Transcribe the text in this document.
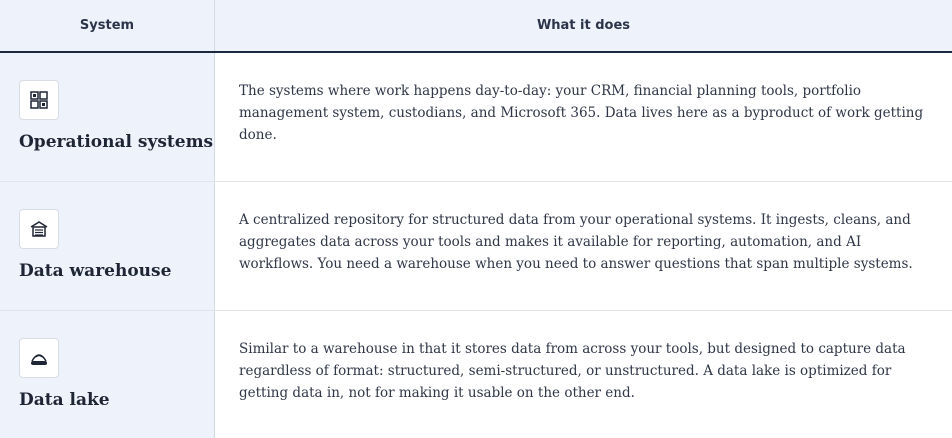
System	What it does
Operational systems
The systems where work happens day-to-day: your CRM, financial planning tools, portfolio management system, custodians, and Microsoft 365. Data lives here as a byproduct of work getting done.
Data warehouse
A centralized repository for structured data from your operational systems. It ingests, cleans, and aggregates data across your tools and makes it available for reporting, automation, and AI workflows. You need a warehouse when you need to answer questions that span multiple systems.
Data lake
Similar to a warehouse in that it stores data from across your tools, but designed to capture data regardless of format: structured, semi-structured, or unstructured. A data lake is optimized for getting data in, not for making it usable on the other end.
